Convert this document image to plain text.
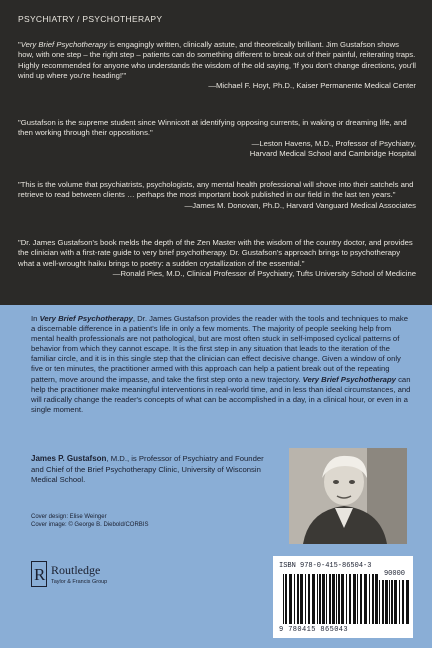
PSYCHIATRY / PSYCHOTHERAPY
"Very Brief Psychotherapy is engagingly written, clinically astute, and theoretically brilliant. Jim Gustafson shows how, with one step – the right step – patients can do something different to break out of their painful, reiterating traps. Highly recommended for anyone who understands the wisdom of the old saying, 'If you don't change directions, you'll wind up where you're heading!'"
—Michael F. Hoyt, Ph.D., Kaiser Permanente Medical Center
"Gustafson is the supreme student since Winnicott at identifying opposing currents, in waking or dreaming life, and then working through their oppositions."
—Leston Havens, M.D., Professor of Psychiatry,
Harvard Medical School and Cambridge Hospital
"This is the volume that psychiatrists, psychologists, any mental health professional will shove into their satchels and retrieve to read between clients … perhaps the most important book published in our field in the last ten years."
—James M. Donovan, Ph.D., Harvard Vanguard Medical Associates
"Dr. James Gustafson's book melds the depth of the Zen Master with the wisdom of the country doctor, and provides the clinician with a first-rate guide to very brief psychotherapy. Dr. Gustafson's approach brings to psychotherapy what a well-wrought haiku brings to poetry: a sudden crystallization of the essential."
—Ronald Pies, M.D., Clinical Professor of Psychiatry, Tufts University School of Medicine
In Very Brief Psychotherapy, Dr. James Gustafson provides the reader with the tools and techniques to make a discernable difference in a patient's life in only a few moments. The majority of people seeking help from mental health professionals are not pathological, but are most often stuck in self-imposed cyclical patterns of behavior from which they cannot escape. It is the first step in any situation that leads to the iteration of the familiar circle, and it is in this single step that the clinician can effect decisive change. Given a window of only five or ten minutes, the practitioner armed with this approach can help a patient break out of the repeating pattern, move around the impasse, and take the first step onto a new trajectory. Very Brief Psychotherapy can help the practitioner make meaningful interventions in real-world time, and in less than ideal circumstances, and will radically change the reader's concepts of what can be accomplished in a day, in a clinical hour, or even in a single moment.
James P. Gustafson, M.D., is Professor of Psychiatry and Founder and Chief of the Brief Psychotherapy Clinic, University of Wisconsin Medical School.
Cover design: Elise Weinger
Cover image: © George B. Diebold/CORBIS
R Routledge
Taylor & Francis Group
ISBN 978-0-415-86504-3
90000
9 780415 865043
